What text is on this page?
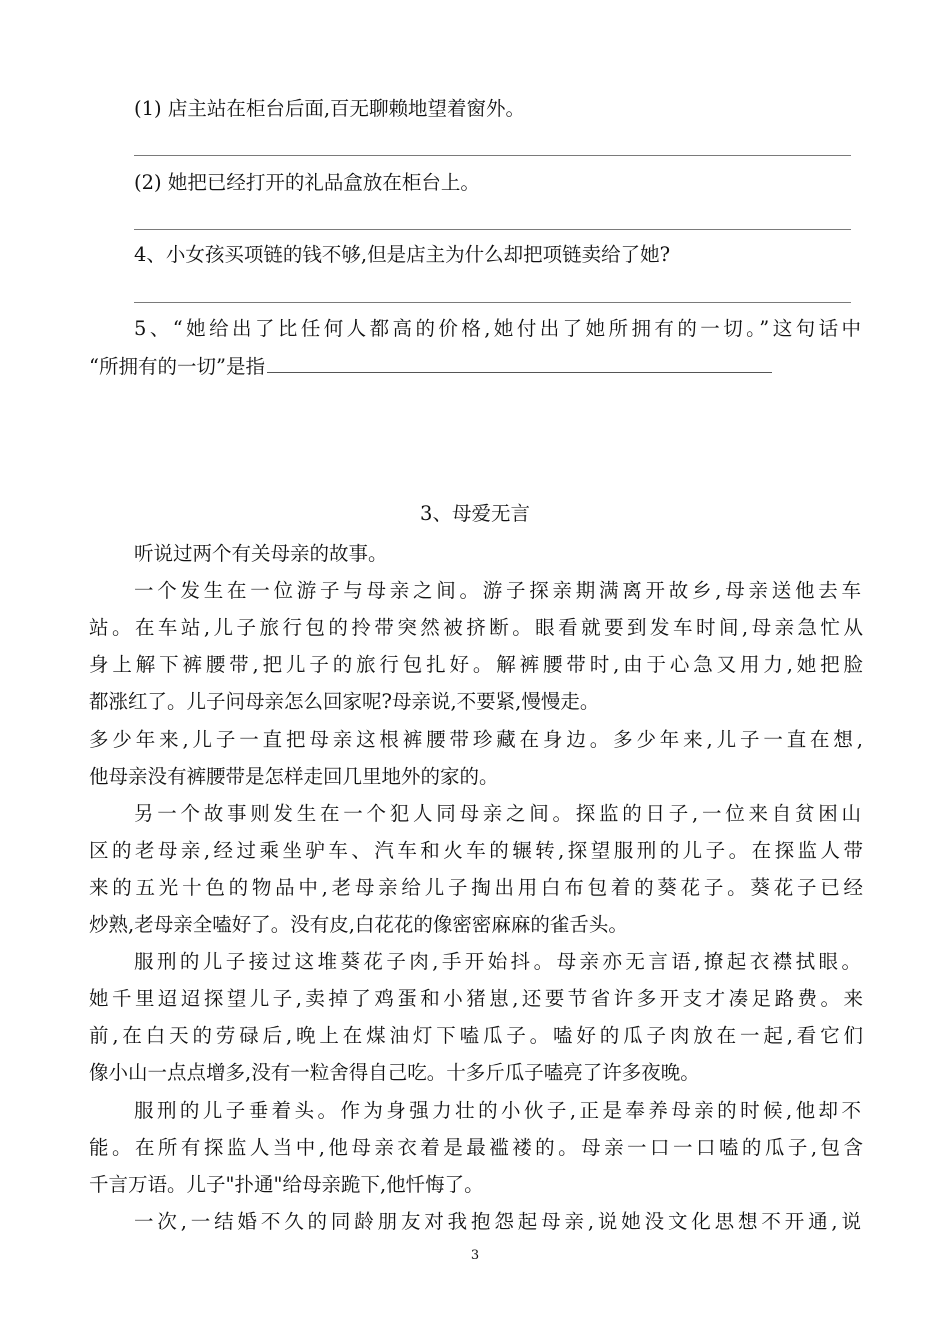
(1) 店主站在柜台后面,百无聊赖地望着窗外。
(2) 她把已经打开的礼品盒放在柜台上。
4、小女孩买项链的钱不够,但是店主为什么却把项链卖给了她?
5、“她给出了比任何人都高的价格,她付出了她所拥有的一切。”这句话中
“所拥有的一切”是指
3、母爱无言
听说过两个有关母亲的故事。
一个发生在一位游子与母亲之间。游子探亲期满离开故乡,母亲送他去车
站。在车站,儿子旅行包的拎带突然被挤断。眼看就要到发车时间,母亲急忙从
身上解下裤腰带,把儿子的旅行包扎好。解裤腰带时,由于心急又用力,她把脸
都涨红了。儿子问母亲怎么回家呢?母亲说,不要紧,慢慢走。
多少年来,儿子一直把母亲这根裤腰带珍藏在身边。多少年来,儿子一直在想,
他母亲没有裤腰带是怎样走回几里地外的家的。
另一个故事则发生在一个犯人同母亲之间。探监的日子,一位来自贫困山
区的老母亲,经过乘坐驴车、汽车和火车的辗转,探望服刑的儿子。在探监人带
来的五光十色的物品中,老母亲给儿子掏出用白布包着的葵花子。葵花子已经
炒熟,老母亲全嗑好了。没有皮,白花花的像密密麻麻的雀舌头。
服刑的儿子接过这堆葵花子肉,手开始抖。母亲亦无言语,撩起衣襟拭眼。
她千里迢迢探望儿子,卖掉了鸡蛋和小猪崽,还要节省许多开支才凑足路费。来
前,在白天的劳碌后,晚上在煤油灯下嗑瓜子。嗑好的瓜子肉放在一起,看它们
像小山一点点增多,没有一粒舍得自己吃。十多斤瓜子嗑亮了许多夜晚。
服刑的儿子垂着头。作为身强力壮的小伙子,正是奉养母亲的时候,他却不
能。在所有探监人当中,他母亲衣着是最褴褛的。母亲一口一口嗑的瓜子,包含
千言万语。儿子"扑通"给母亲跪下,他忏悔了。
一次,一结婚不久的同龄朋友对我抱怨起母亲,说她没文化思想不开通,说
3
